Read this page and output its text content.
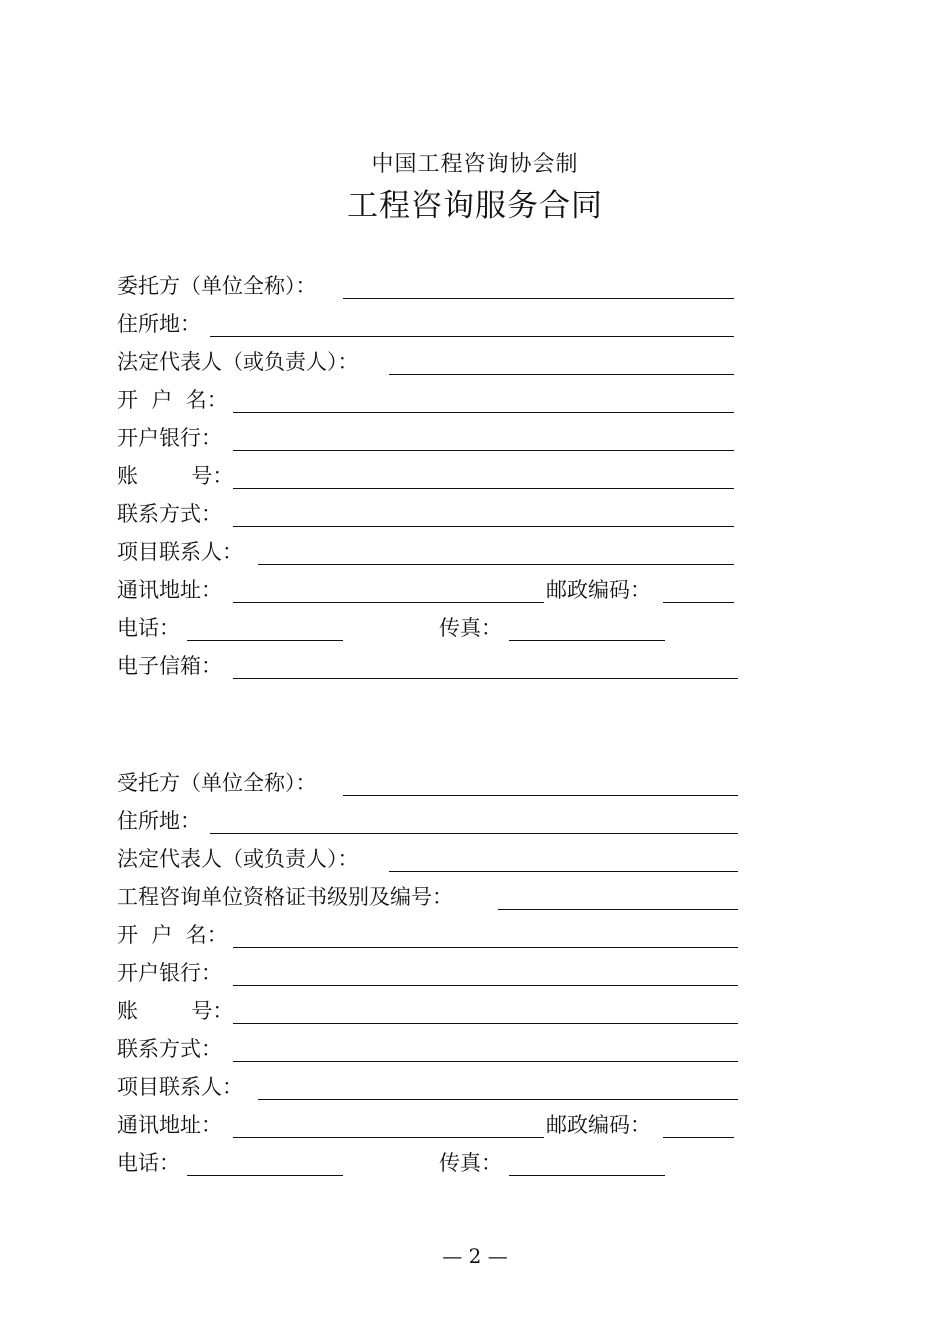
中国工程咨询协会制
工程咨询服务合同
委托方（单位全称）：
住所地：
法定代表人（或负责人）：
开  户  名：
开户银行：
账        号：
联系方式：
项目联系人：
通讯地址：	邮政编码：
电话：	传真：
电子信箱：
受托方（单位全称）：
住所地：
法定代表人（或负责人）：
工程咨询单位资格证书级别及编号：
开  户  名：
开户银行：
账        号：
联系方式：
项目联系人：
通讯地址：	邮政编码：
电话：	传真：
— 2 —
